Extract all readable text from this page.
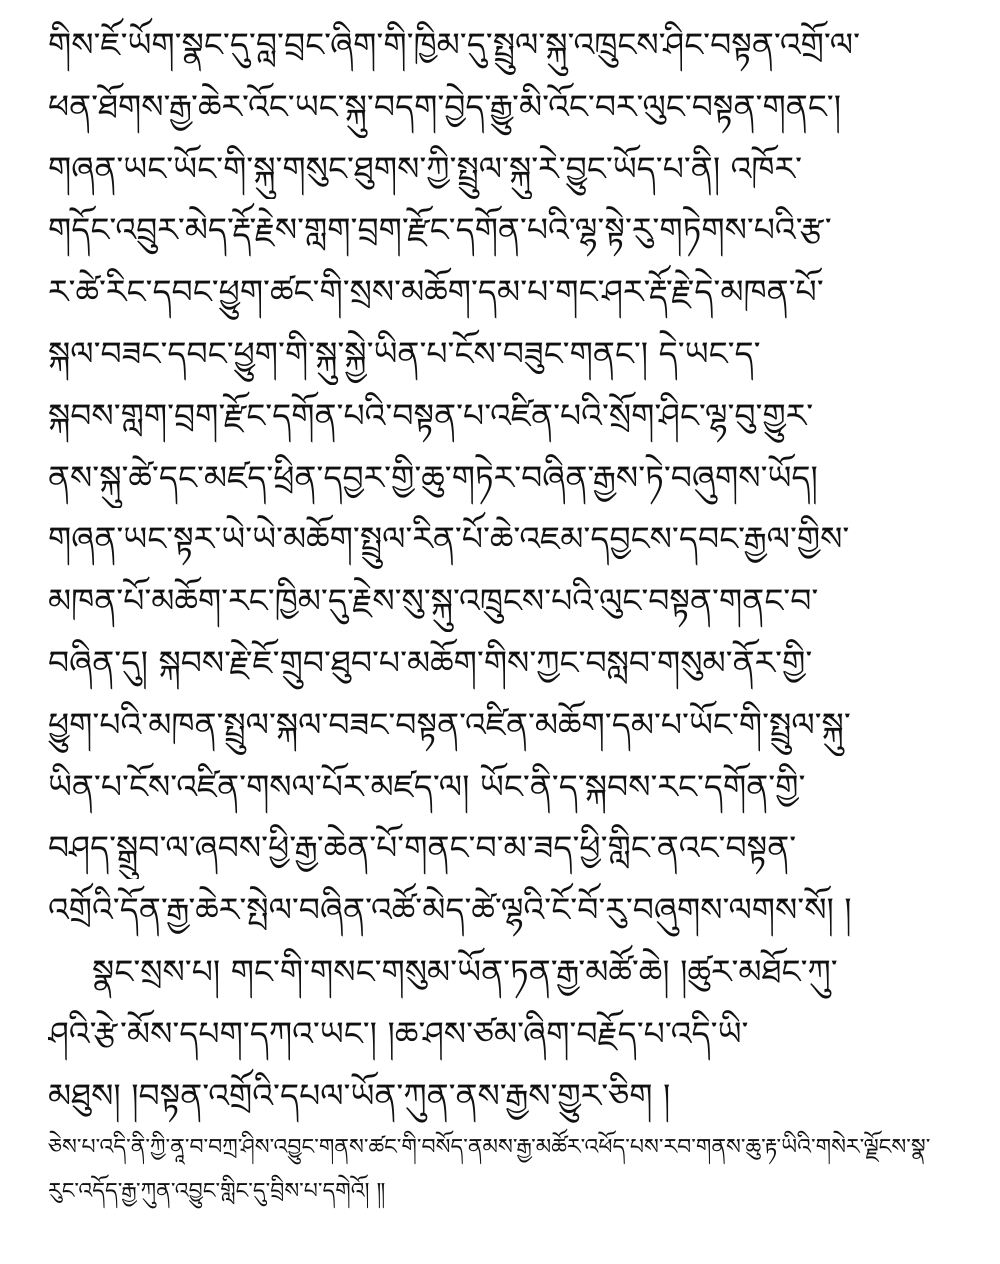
གིས་ཇོ་ཡོག་སྣང་དུ་བླ་བྲང་ཞིག་གི་ཁྱིམ་དུ་སྤྲུལ་སྐུ་འཁྲུངས་ཤིང་བསྟན་འགྲོ་ལ་
ཕན་ཐོགས་རྒྱ་ཆེར་འོང་ཡང་སྐུ་བདག་བྱེད་རྒྱུ་མི་འོང་བར་ལུང་བསྟན་གནང་།
གཞན་ཡང་ཡོང་གི་སྐུ་གསུང་ཐུགས་ཀྱི་སྤྲུལ་སྐུ་རེ་བྱུང་ཡོད་པ་ནི། འཁོར་
གདོང་འབྲུར་མེད་རྡོ་རྗེས་གླག་བྲག་རྫོང་དགོན་པའི་ལྷ་སྟེ་རུ་གཏེགས་པའི་རྩ་
ར་ཚེ་རིང་དབང་ཕྱུག་ཚང་གི་སྲས་མཆོག་དམ་པ་གང་ཤར་རྡོ་རྗེ་དེ་མཁན་པོ་
སྐལ་བཟང་དབང་ཕྱུག་གི་སྐུ་སྐྱེ་ཡིན་པ་ངོས་བཟུང་གནང་། དེ་ཡང་ད་
སྐབས་གླག་བྲག་རྫོང་དགོན་པའི་བསྟན་པ་འཛིན་པའི་སྲོག་ཤིང་ལྷ་བུ་གྱུར་
ནས་སྐུ་ཚེ་དང་མཛད་ཕྲིན་དབྱར་གྱི་ཆུ་གཏེར་བཞིན་རྒྱས་ཏེ་བཞུགས་ཡོད།
གཞན་ཡང་སྟར་ཡེ་ཡེ་མཆོག་སྤྲུལ་རིན་པོ་ཆེ་འཇམ་དབྱངས་དབང་རྒྱལ་གྱིས་
མཁན་པོ་མཆོག་རང་ཁྱིམ་དུ་རྗེས་སུ་སྐུ་འཁྲུངས་པའི་ལུང་བསྟན་གནང་བ་
བཞིན་དུ། སྐབས་རྗེ་ཇོ་གྲུབ་ཐུབ་པ་མཆོག་གིས་ཀྱང་བསླབ་གསུམ་ནོར་གྱི་
ཕྱུག་པའི་མཁན་སྤྲུལ་སྐལ་བཟང་བསྟན་འཛིན་མཆོག་དམ་པ་ཡོང་གི་སྤྲུལ་སྐུ་
ཡིན་པ་ངོས་འཛིན་གསལ་པོར་མཛད་ལ། ཡོང་ནི་ད་སྐབས་རང་དགོན་གྱི་
བཤད་སྒྲུབ་ལ་ཞབས་ཕྱི་རྒྱ་ཆེན་པོ་གནང་བ་མ་ཟད་ཕྱི་གླིང་ནའང་བསྟན་
འགྲོའི་དོན་རྒྱ་ཆེར་སྤེལ་བཞིན་འཚོ་མེད་ཚེ་ལྷའི་ངོ་བོ་རུ་བཞུགས་ལགས་སོ། །
སྣང་སྲས་པ། གང་གི་གསང་གསུམ་ཡོན་ཏན་རྒྱ་མཚོ་ཆེ། །ཚུར་མཐོང་ཀུ་
ཤའི་རྩེ་མོས་དཔག་དཀའ་ཡང་། །ཆ་ཤས་ཙམ་ཞིག་བརྗོད་པ་འདི་ཡི་
མཐུས། །བསྟན་འགྲོའི་དཔལ་ཡོན་ཀུན་ནས་རྒྱས་གྱུར་ཅིག །
ཅེས་པ་འདི་ནི་ཀྱི་ནཱ་བ་བཀྲ་ཤིས་འབྱུང་གནས་ཚང་གི་བསོད་ནམས་རྒྱ་མཚོར་འཕོད་པས་རབ་གནས་ཆུ་རྟ་ཡིའི་གསེར་ལྗོངས་སྣ་
རུང་འདོད་རྒྱ་ཀུན་འབྱུང་གླིང་དུ་བྲིས་པ་དགེའོ། ༎
